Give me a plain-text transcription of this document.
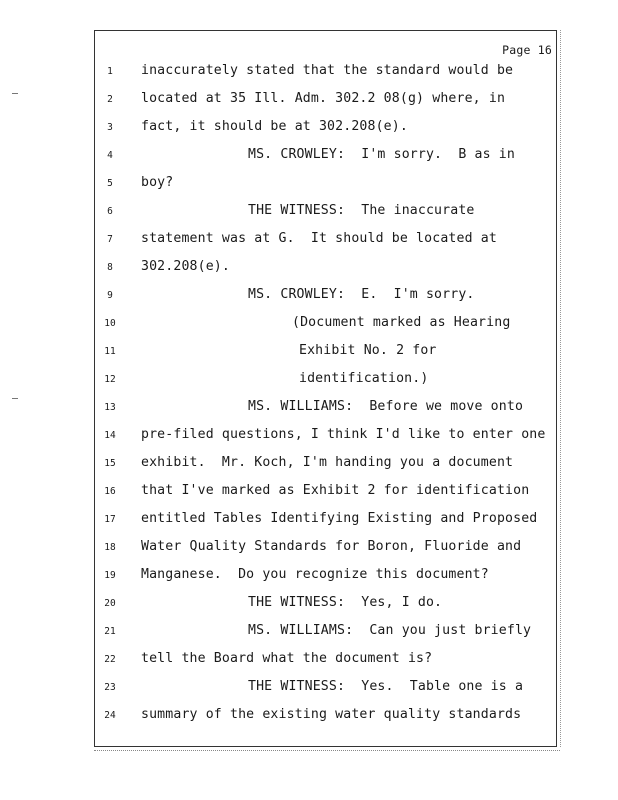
Page 16
1	inaccurately stated that the standard would be
2	located at 35 Ill. Adm. 302.2 08(g) where, in
3	fact, it should be at 302.208(e).
4	MS. CROWLEY:  I'm sorry.  B as in
5	boy?
6	THE WITNESS:  The inaccurate
7	statement was at G.  It should be located at
8	302.208(e).
9	MS. CROWLEY:  E.  I'm sorry.
10	(Document marked as Hearing
11	Exhibit No. 2 for
12	identification.)
13	MS. WILLIAMS:  Before we move onto
14	pre-filed questions, I think I'd like to enter one
15	exhibit.  Mr. Koch, I'm handing you a document
16	that I've marked as Exhibit 2 for identification
17	entitled Tables Identifying Existing and Proposed
18	Water Quality Standards for Boron, Fluoride and
19	Manganese.  Do you recognize this document?
20	THE WITNESS:  Yes, I do.
21	MS. WILLIAMS:  Can you just briefly
22	tell the Board what the document is?
23	THE WITNESS:  Yes.  Table one is a
24	summary of the existing water quality standards
